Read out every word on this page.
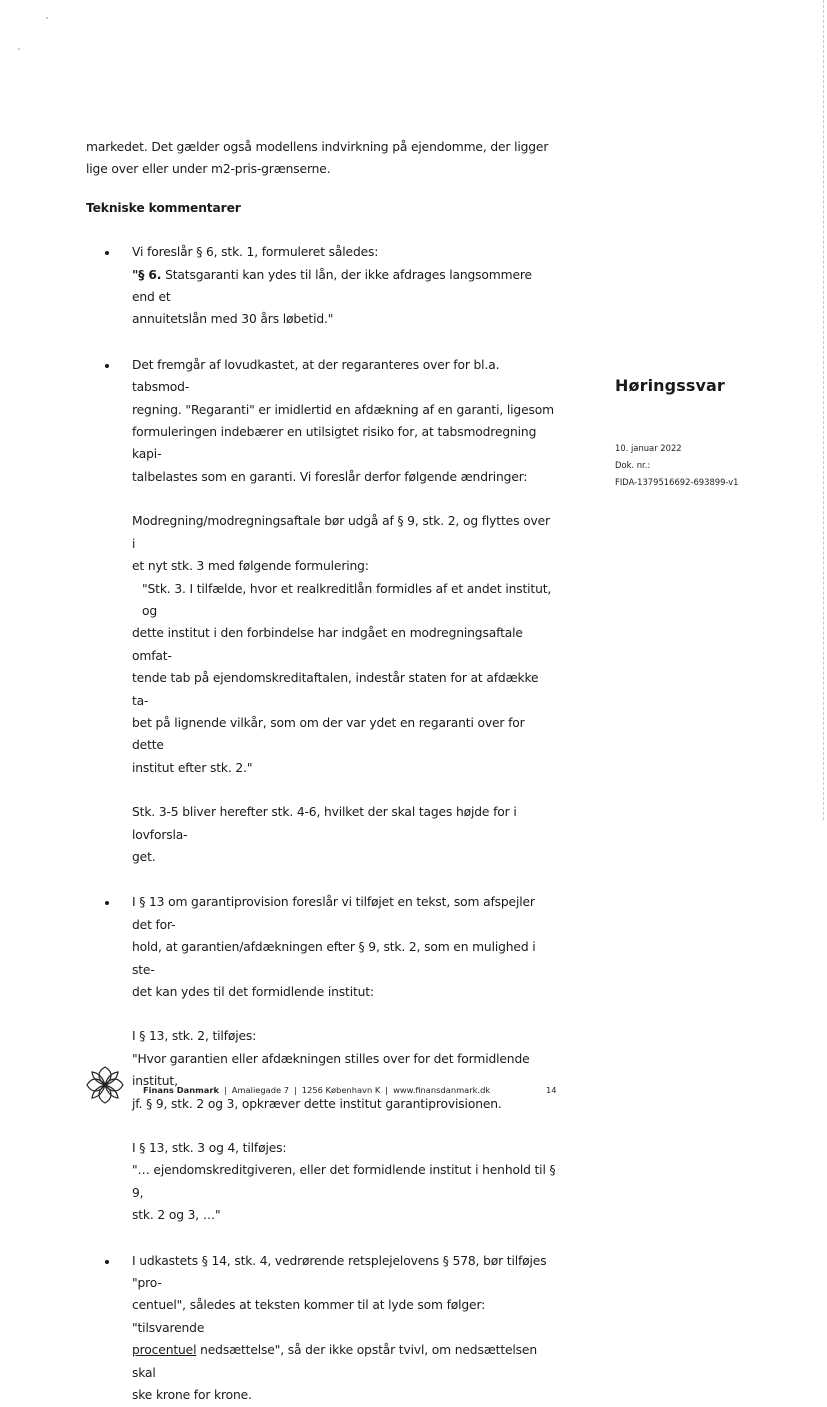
markedet. Det gælder også modellens indvirkning på ejendomme, der ligger

lige over eller under m2-pris-grænserne.

Tekniske kommentarer

Vi foreslår § 6, stk. 1, formuleret således:

"§ 6. Statsgaranti kan ydes til lån, der ikke afdrages langsommere end et

annuitetslån med 30 års løbetid."

Det fremgår af lovudkastet, at der regaranteres over for bl.a. tabsmod-

regning. "Regaranti" er imidlertid en afdækning af en garanti, ligesom

formuleringen indebærer en utilsigtet risiko for, at tabsmodregning kapi-

talbelastes som en garanti. Vi foreslår derfor følgende ændringer:

Modregning/modregningsaftale bør udgå af § 9, stk. 2, og flyttes over i

et nyt stk. 3 med følgende formulering:

"Stk. 3. I tilfælde, hvor et realkreditlån formidles af et andet institut, og

dette institut i den forbindelse har indgået en modregningsaftale omfat-

tende tab på ejendomskreditaftalen, indestår staten for at afdække ta-

bet på lignende vilkår, som om der var ydet en regaranti over for dette

institut efter stk. 2."

Stk. 3-5 bliver herefter stk. 4-6, hvilket der skal tages højde for i lovforsla-

get.

I § 13 om garantiprovision foreslår vi tilføjet en tekst, som afspejler det for-

hold, at garantien/afdækningen efter § 9, stk. 2, som en mulighed i ste-

det kan ydes til det formidlende institut:

I § 13, stk. 2, tilføjes:

"Hvor garantien eller afdækningen stilles over for det formidlende institut,

jf. § 9, stk. 2 og 3, opkræver dette institut garantiprovisionen.

I § 13, stk. 3 og 4, tilføjes:

"… ejendomskreditgiveren, eller det formidlende institut i henhold til § 9,

stk. 2 og 3, …"

I udkastets § 14, stk. 4, vedrørende retsplejelovens § 578, bør tilføjes "pro-

centuel", således at teksten kommer til at lyde som følger: "tilsvarende

procentuel nedsættelse", så der ikke opstår tvivl, om nedsættelsen skal

ske krone for krone.

Høringssvar

10. januar 2022
Dok. nr.:
FIDA-1379516692-693899-v1
Finans Danmark | Amaliegade 7 | 1256 København K | www.finansdanmark.dk	14
